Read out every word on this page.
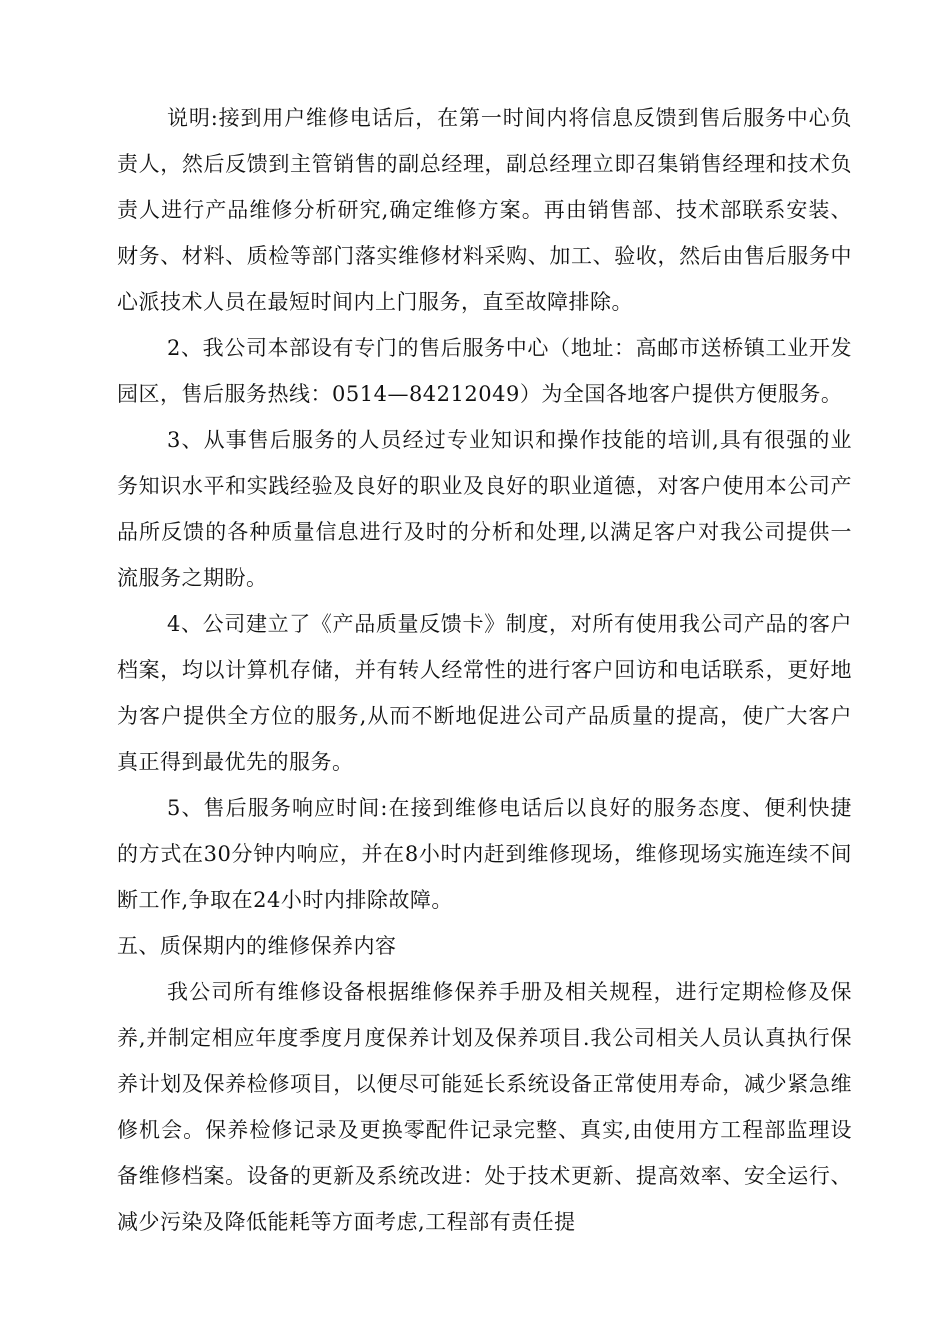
说明:接到用户维修电话后，在第一时间内将信息反馈到售后服务中心负责人，然后反馈到主管销售的副总经理，副总经理立即召集销售经理和技术负责人进行产品维修分析研究,确定维修方案。再由销售部、技术部联系安装、财务、材料、质检等部门落实维修材料采购、加工、验收，然后由售后服务中心派技术人员在最短时间内上门服务，直至故障排除。

2、我公司本部设有专门的售后服务中心（地址：高邮市送桥镇工业开发园区，售后服务热线：0514—84212049）为全国各地客户提供方便服务。

3、从事售后服务的人员经过专业知识和操作技能的培训,具有很强的业务知识水平和实践经验及良好的职业及良好的职业道德，对客户使用本公司产品所反馈的各种质量信息进行及时的分析和处理,以满足客户对我公司提供一流服务之期盼。

4、公司建立了《产品质量反馈卡》制度，对所有使用我公司产品的客户档案，均以计算机存储，并有转人经常性的进行客户回访和电话联系，更好地为客户提供全方位的服务,从而不断地促进公司产品质量的提高，使广大客户真正得到最优先的服务。

5、售后服务响应时间:在接到维修电话后以良好的服务态度、便利快捷的方式在30分钟内响应，并在8小时内赶到维修现场，维修现场实施连续不间断工作,争取在24小时内排除故障。

五、质保期内的维修保养内容

我公司所有维修设备根据维修保养手册及相关规程，进行定期检修及保养,并制定相应年度季度月度保养计划及保养项目.我公司相关人员认真执行保养计划及保养检修项目，以便尽可能延长系统设备正常使用寿命，减少紧急维修机会。保养检修记录及更换零配件记录完整、真实,由使用方工程部监理设备维修档案。设备的更新及系统改进：处于技术更新、提高效率、安全运行、减少污染及降低能耗等方面考虑,工程部有责任提
